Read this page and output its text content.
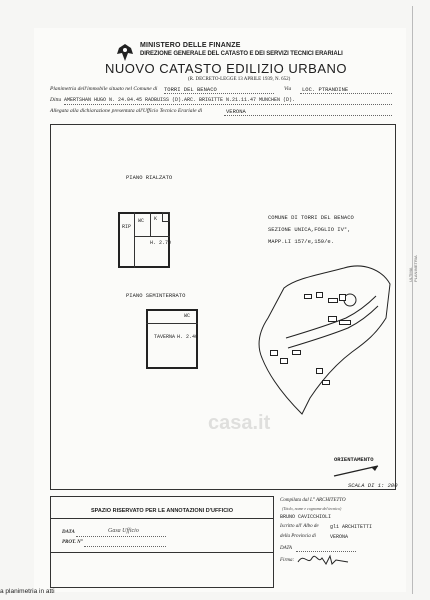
MINISTERO DELLE FINANZE
DIREZIONE GENERALE DEL CATASTO E DEI SERVIZI TECNICI ERARIALI
NUOVO CATASTO EDILIZIO URBANO
(R. DECRETO-LEGGE 13 APRILE 1939, N. 652)
Planimetria dell'immobile situato nel Comune di TORRI DEL BENACO	Via LOC. PTRANDINE
Ditta AMERTSHAN HUGO N. 24.04.45 RADBUISS (D).ARC. BRIGITTE N.21.11.47 MUNCHEN (D).
Allegata alla dichiarazione presentata all'Ufficio Tecnico Erariale di	VERONA
PIANO RIALZATO
RIP
WC K
H. 2.70
PIANO SEMINTERRATO
WC
TAVERNA H. 2.40
COMUNE DI TORRI DEL BENACO
SEZIONE UNICA,FOGLIO IV°,
MAPP.LI 157/e,159/e.
casa.it
ORIENTAMENTO
SCALA DI 1: 200
SPAZIO RISERVATO PER LE ANNOTAZIONI D'UFFICIO
DATA	Gasa Ufficio
PROT. N°
Compilata dal L° ARCHITETTO
(Titolo, nome e cognome del tecnico)
BRUNO CAVICCHIOLI
Iscritto all' Albo de gli ARCHITETTI
della Provincia di	VERONA
DATA
Firma:
ULTIMA PLANIMETRIA
a planimetria in atti
